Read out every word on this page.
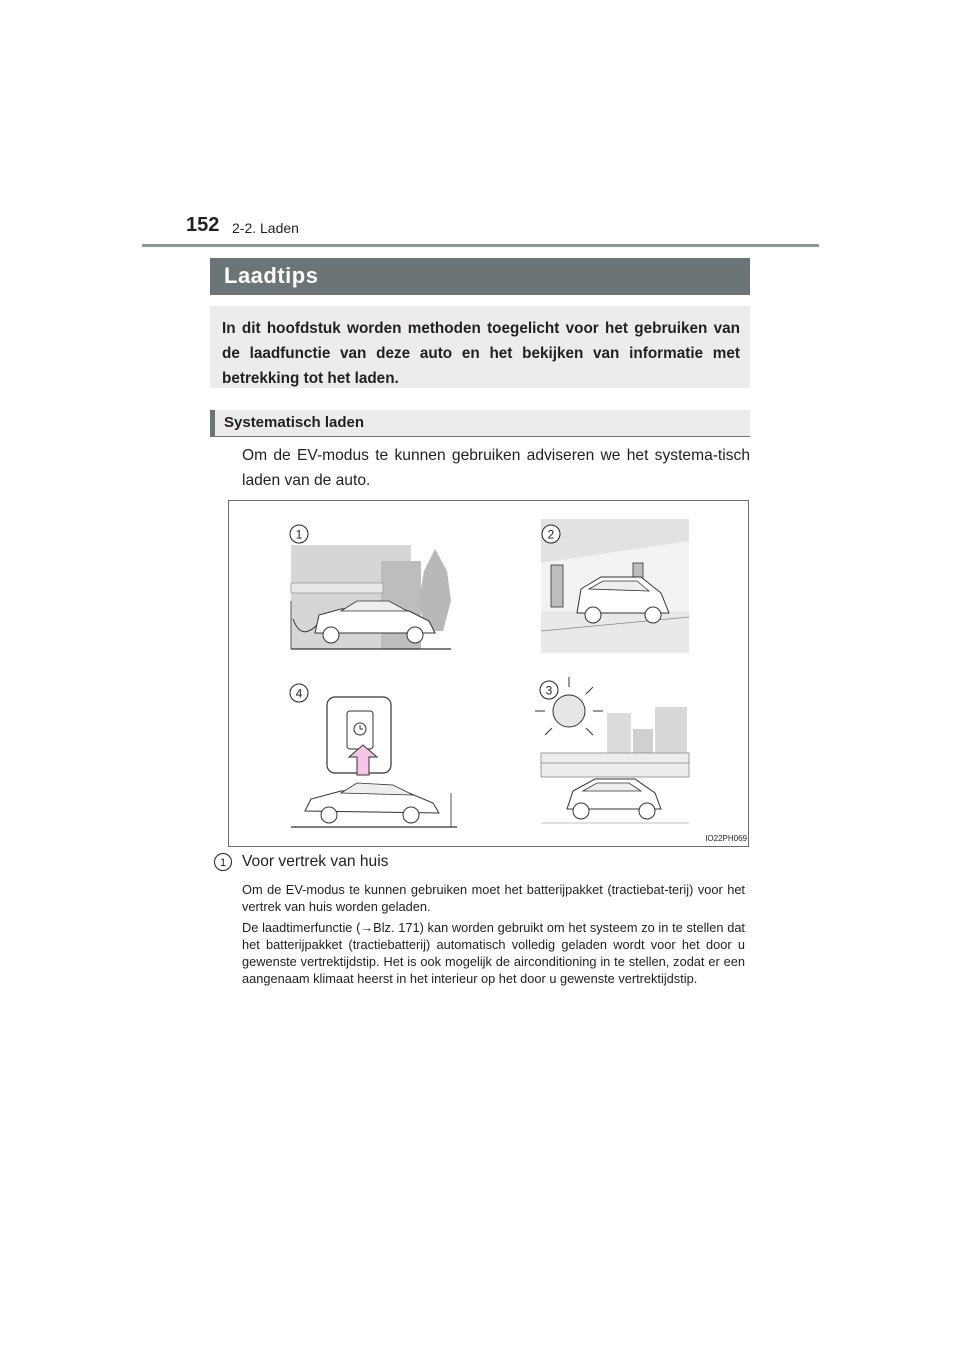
152 2-2. Laden
Laadtips

In dit hoofdstuk worden methoden toegelicht voor het gebruiken van de laadfunctie van deze auto en het bekijken van informatie met betrekking tot het laden.

Systematisch laden

Om de EV-modus te kunnen gebruiken adviseren we het systema-tisch laden van de auto.

1	2
3
4
IO22PH069
1	Voor vertrek van huis

Om de EV-modus te kunnen gebruiken moet het batterijpakket (tractiebat-terij) voor het vertrek van huis worden geladen.

De laadtimerfunctie (→Blz. 171) kan worden gebruikt om het systeem zo in te stellen dat het batterijpakket (tractiebatterij) automatisch volledig geladen wordt voor het door u gewenste vertrektijdstip. Het is ook mogelijk de airconditioning in te stellen, zodat er een aangenaam klimaat heerst in het interieur op het door u gewenste vertrektijdstip.
